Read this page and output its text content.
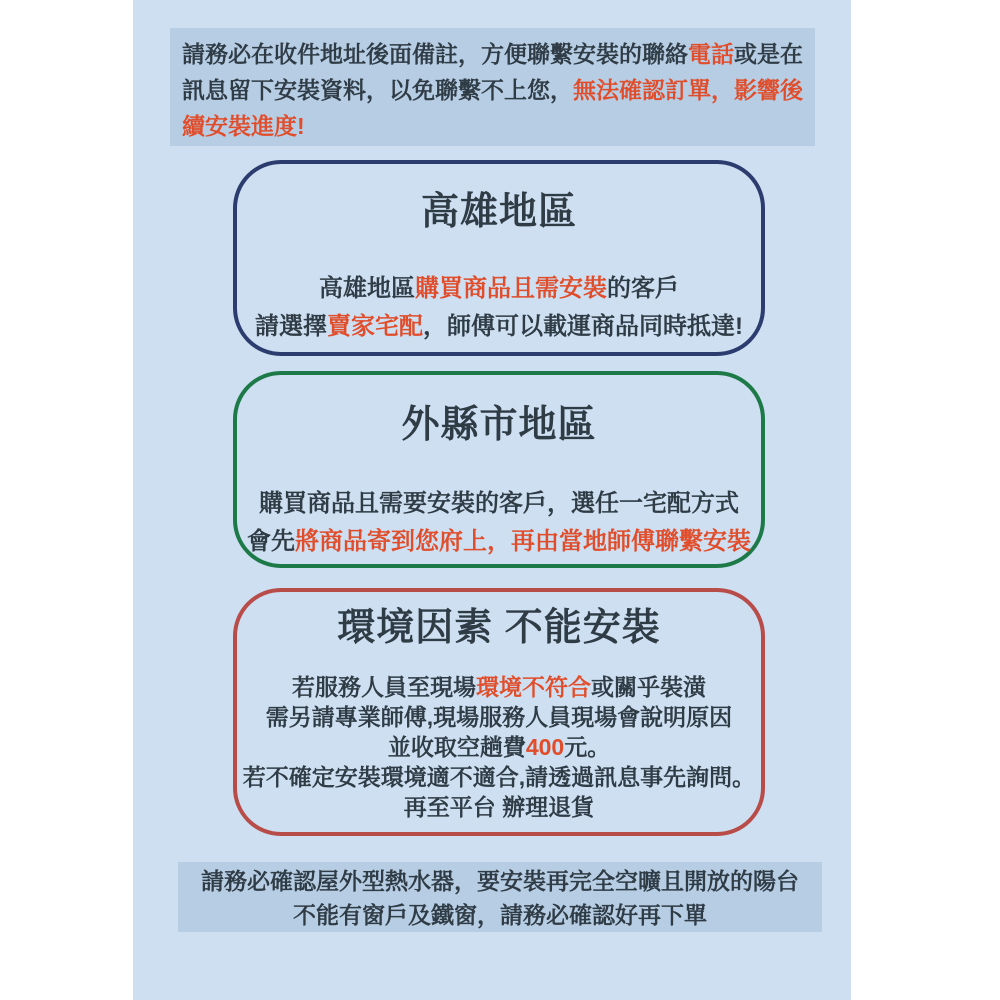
請務必在收件地址後面備註，方便聯繫安裝的聯絡電話或是在

訊息留下安裝資料，以免聯繫不上您，無法確認訂單，影響後

續安裝進度!

高雄地區

高雄地區購買商品且需安裝的客戶

請選擇賣家宅配，師傅可以載運商品同時抵達!

外縣市地區

購買商品且需要安裝的客戶，選任一宅配方式

會先將商品寄到您府上，再由當地師傅聯繫安裝

環境因素 不能安裝

若服務人員至現場環境不符合或關乎裝潢

需另請專業師傅,現場服務人員現場會說明原因

並收取空趟費400元。

若不確定安裝環境適不適合,請透過訊息事先詢問。

再至平台 辦理退貨

請務必確認屋外型熱水器，要安裝再完全空曠且開放的陽台

不能有窗戶及鐵窗，請務必確認好再下單
